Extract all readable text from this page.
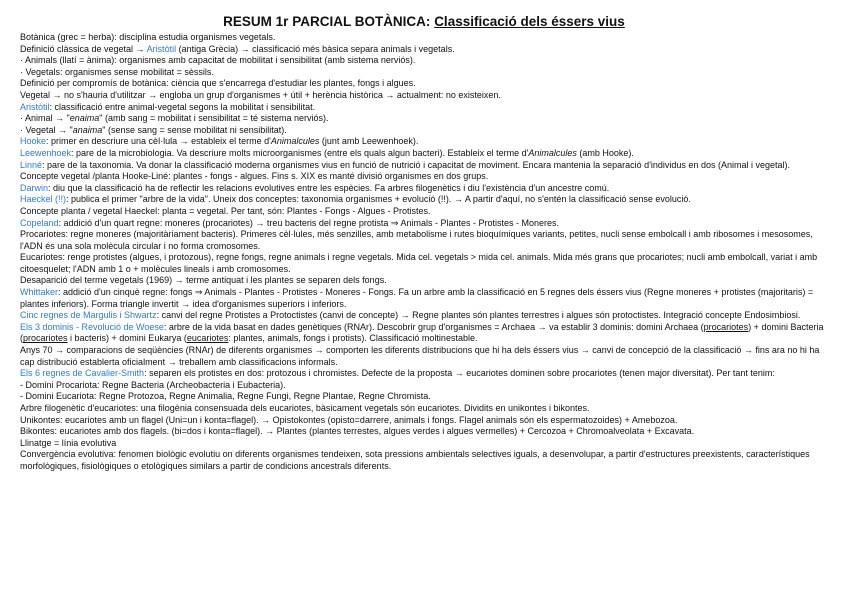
RESUM 1r PARCIAL BOTÀNICA: Classificació dels éssers vius

Botànica (grec = herba): disciplina estudia organismes vegetals.

Definició clàssica de vegetal → Aristòtil (antiga Grècia) → classificació més bàsica separa animals i vegetals.

· Animals (llatí = ànima): organismes amb capacitat de mobilitat i sensibilitat (amb sistema nerviós).

· Vegetals: organismes sense mobilitat = sèssils.

Definició per compromís de botànica: ciència que s'encarrega d'estudiar les plantes, fongs i algues.

Vegetal → no s'hauria d'utilitzar → engloba un grup d'organismes + útil + herència històrica → actualment: no existeixen.

Aristòtil: classificació entre animal-vegetal segons la mobilitat i sensibilitat.

· Animal → "enaima" (amb sang = mobilitat i sensibilitat = té sistema nerviós).

· Vegetal → "anaima" (sense sang = sense mobilitat ni sensibilitat).

Hooke: primer en descriure una cèl·lula → estableix el terme d'Animalcules (junt amb Leewenhoek).

Leewenhoek: pare de la microbiologia. Va descriure molts microorganismes (entre els quals algun bacteri). Estableix el terme d'Animalcules (amb Hooke).

Linné: pare de la taxonomia. Va donar la classificació moderna organismes vius en funció de nutrició i capacitat de moviment. Encara mantenia la separació d'individus en dos (Animal i vegetal).

Concepte vegetal /planta Hooke-Liné: plantes - fongs - algues. Fins s. XIX es manté divisió organismes en dos grups.

Darwin: diu que la classificació ha de reflectir les relacions evolutives entre les espècies. Fa arbres filogenètics i diu l'existència d'un ancestre comú.

Haeckel (!!): publica el primer "arbre de la vida". Uneix dos conceptes: taxonomia organismes + evolució (!!). → A partir d'aquí, no s'entén la classificació sense evolució.

Concepte planta / vegetal Haeckel: planta = vegetal. Per tant, són: Plantes - Fongs - Algues - Protistes.

Copeland: addició d'un quart regne: moneres (procariotes) → treu bacteris del regne protista ⇒ Animals - Plantes - Protistes - Moneres.

Procariotes: regne moneres (majoritàriament bacteris). Primeres cèl·lules, més senzilles, amb metabolisme i rutes bioquímiques variants, petites, nucli sense embolcall i amb ribosomes i mesosomes, l'ADN és una sola molècula circular i no forma cromosomes.

Eucariotes: renge protistes (algues, i protozous), regne fongs, regne animals i regne vegetals. Mida cel. vegetals > mida cel. animals. Mida més grans que procariotes; nucli amb embolcall, variat i amb citoesquelet; l'ADN amb 1 o + molècules lineals i amb cromosomes.

Desaparició del terme vegetals (1969) → terme antiquat i les plantes se separen dels fongs.

Whittaker: addició d'un cinquè regne: fongs ⇒ Animals - Plantes - Protistes - Moneres - Fongs. Fa un arbre amb la classificació en 5 regnes dels éssers vius (Regne moneres + protistes (majoritaris) = plantes inferiors). Forma triangle invertit → idea d'organismes superiors i inferiors.

Cinc regnes de Margulis i Shwartz: canvi del regne Protistes a Protoctistes (canvi de concepte) → Regne plantes són plantes terrestres i algues són protoctistes. Integració concepte Endosimbiosi.

Els 3 dominis - Revolució de Woese: arbre de la vida basat en dades genètiques (RNAr). Descobrir grup d'organismes = Archaea → va establir 3 dominis: domini Archaea (procariotes) + domini Bacteria (procariotes i bacteris) + domini Eukarya (eucariotes: plantes, animals, fongs i protists). Classificació moltinestable.

Anys 70 → comparacions de seqüències (RNAr) de diferents organismes → comporten les diferents distribucions que hi ha dels éssers vius → canvi de concepció de la classificació → fins ara no hi ha cap distribució establerta oficialment → treballem amb classificacions informals.

Els 6 regnes de Cavalier-Smith: separen els protistes en dos: protozous i chromistes. Defecte de la proposta → eucariotes dominen sobre procariotes (tenen major diversitat). Per tant tenim:

- Domini Procariota: Regne Bacteria (Archeobacteria i Eubacteria).

- Domini Eucariota: Regne Protozoa, Regne Animalia, Regne Fungi, Regne Plantae, Regne Chromista.

Arbre filogenètic d'eucariotes: una filogènia consensuada dels eucariotes, bàsicament vegetals són eucariotes. Dividits en unikontes i bikontes.

Unikontes: eucariotes amb un flagel (Uni=un i konta=flagel). → Opistokontes (opisto=darrere, animals i fongs. Flagel animals són els espermatozoides) + Amebozoa.

Bikontes: eucariotes amb dos flagels. (bi=dos i konta=flagel). → Plantes (plantes terrestes, algues verdes i algues vermelles) + Cercozoa + Chromoalveolata + Excavata.

Llinatge = línia evolutiva

Convergència evolutiva: fenomen biològic evolutiu on diferents organismes tendeixen, sota pressions ambientals selectives iguals, a desenvolupar, a partir d'estructures preexistents, característiques morfològiques, fisiològiques o etològiques similars a partir de condicions ancestrals diferents.
